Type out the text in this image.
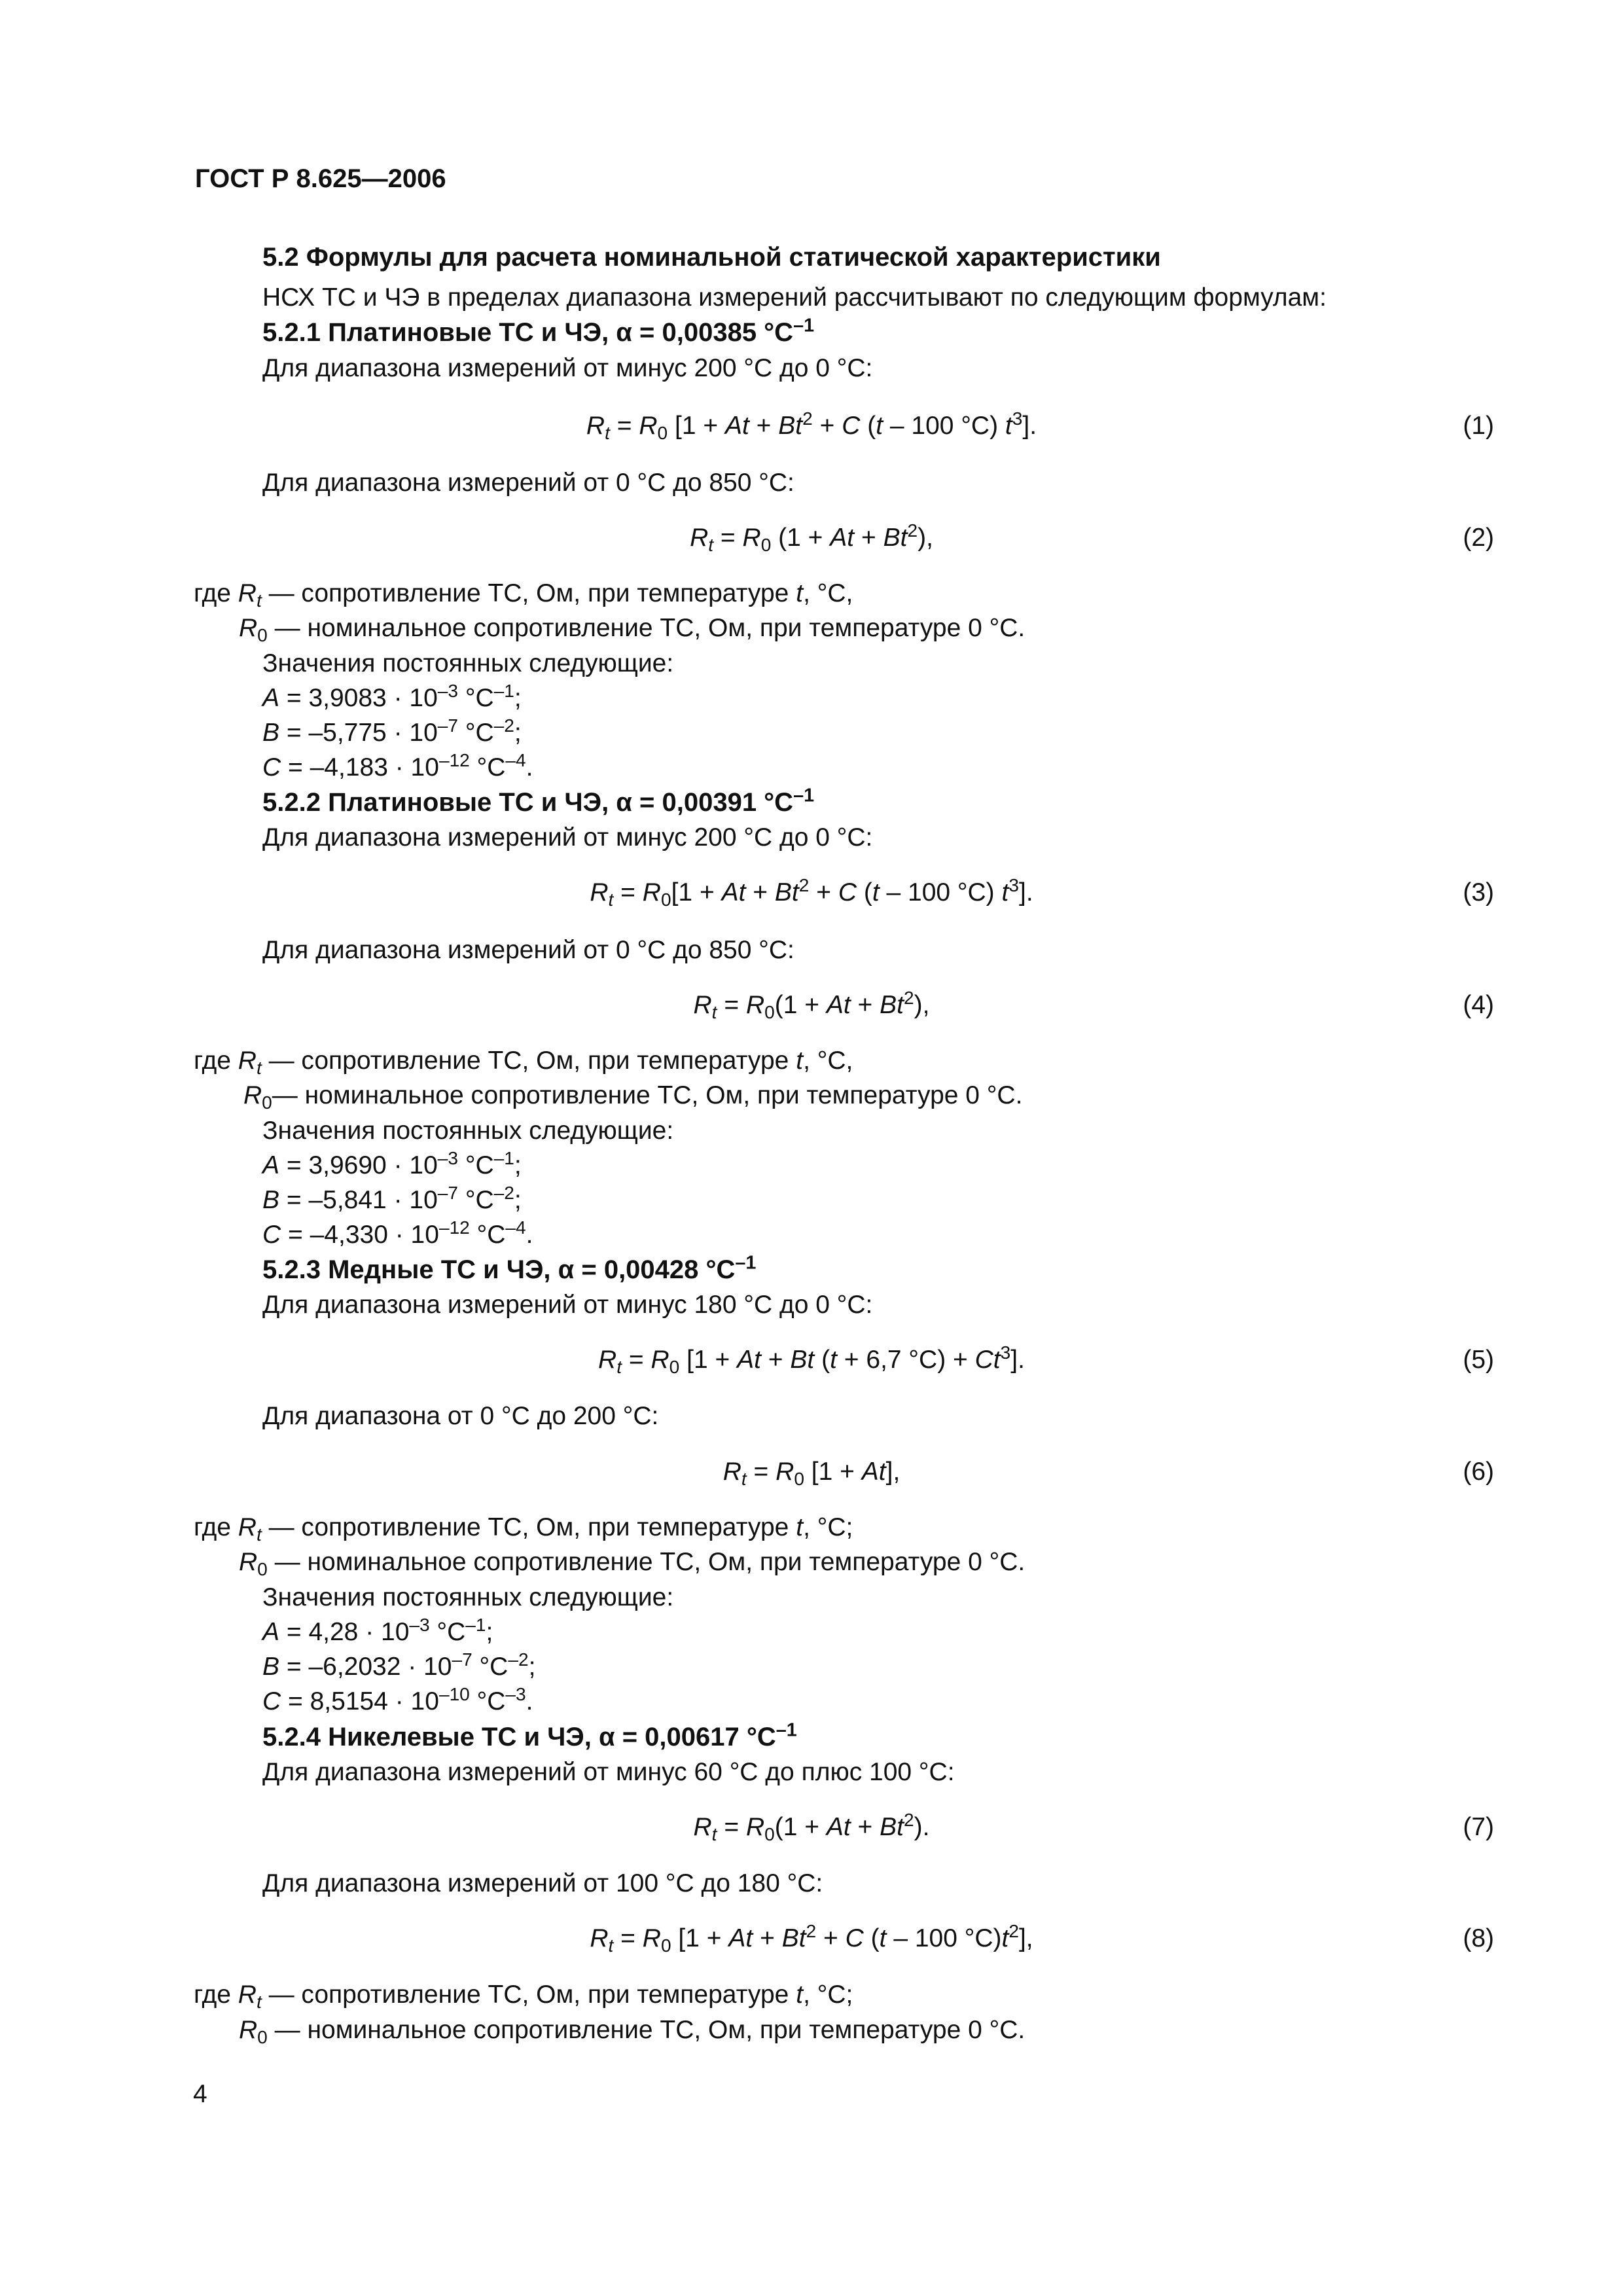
ГОСТ Р 8.625—2006
5.2 Формулы для расчета номинальной статической характеристики
НСХ ТС и ЧЭ в пределах диапазона измерений рассчитывают по следующим формулам:
5.2.1 Платиновые ТС и ЧЭ, α = 0,00385 $^\circ С^{-1}$
Для диапазона измерений от минус 200 °С до 0 °С:
$R_t = R_0$ [$1 + At + Bt^2 + C$ (t – 100 °С) $t^3$].	(1)
Для диапазона измерений от 0 °С до 850 °С:
$R_t = R_0$ $(1 + At + Bt^2)$,	(2)
где $R_t$ — сопротивление ТС, Ом, при температуре t, °С,
$R_0$ — номинальное сопротивление ТС, Ом, при температуре 0 °С.
Значения постоянных следующие:
$A = 3,9083 \cdot 10^{-3}$ $^\circ С^{-1}$;
$B = -5,775 \cdot 10^{-7}$ $^\circ С^{-2}$;
$C = -4,183 \cdot 10^{-12}$ $^\circ С^{-4}$.
5.2.2 Платиновые ТС и ЧЭ, α = 0,00391 $^\circ С^{-1}$
Для диапазона измерений от минус 200 °С до 0 °С:
$R_t = R_0[1 + At + Bt^2 + C$ (t – 100 °С) $t^3$].	(3)
Для диапазона измерений от 0 °С до 850 °С:
$R_t = R_0(1 + At + Bt^2)$,	(4)
где $R_t$ — сопротивление ТС, Ом, при температуре t, °С,
$R_0—$ номинальное сопротивление ТС, Ом, при температуре 0 °С.
Значения постоянных следующие:
$A = 3,9690 \cdot 10^{-3}$ $^\circ С^{-1}$;
$B = -5,841 \cdot 10^{-7}$ $^\circ С^{-2}$;
$C = -4,330 \cdot 10^{-12}$ $^\circ С^{-4}$.
5.2.3 Медные ТС и ЧЭ, α = 0,00428 $^\circ С^{-1}$
Для диапазона измерений от минус 180 °С до 0 °С:
$R_t = R_0$ [1 + At + Bt (t + 6,7 $^\circ С) + Ct^3$].	(5)
Для диапазона от 0 °С до 200 °С:
$R_t = R_0$ [1 + At],	(6)
где $R_t$ — сопротивление ТС, Ом, при температуре t, °С;
$R_0$ — номинальное сопротивление ТС, Ом, при температуре 0 °С.
Значения постоянных следующие:
$A = 4,28 \cdot 10^{-3}$ $^\circ С^{-1}$;
$B = -6,2032 \cdot 10^{-7}$ $^\circ С^{-2}$;
$C = 8,5154 \cdot 10^{-10}$ $^\circ С^{-3}$.
5.2.4 Никелевые ТС и ЧЭ, α = 0,00617 $^\circ С^{-1}$
Для диапазона измерений от минус 60 °С до плюс 100 °С:
$R_t = R_0(1 + At + Bt^2)$.	(7)
Для диапазона измерений от 100 °С до 180 °С:
$R_t = R_0$ [$1 + At + Bt^2 + C$ (t – 100 $^\circ С)t^2$],	(8)
где $R_t$ — сопротивление ТС, Ом, при температуре t, °С;
$R_0$ — номинальное сопротивление ТС, Ом, при температуре 0 °С.
4
